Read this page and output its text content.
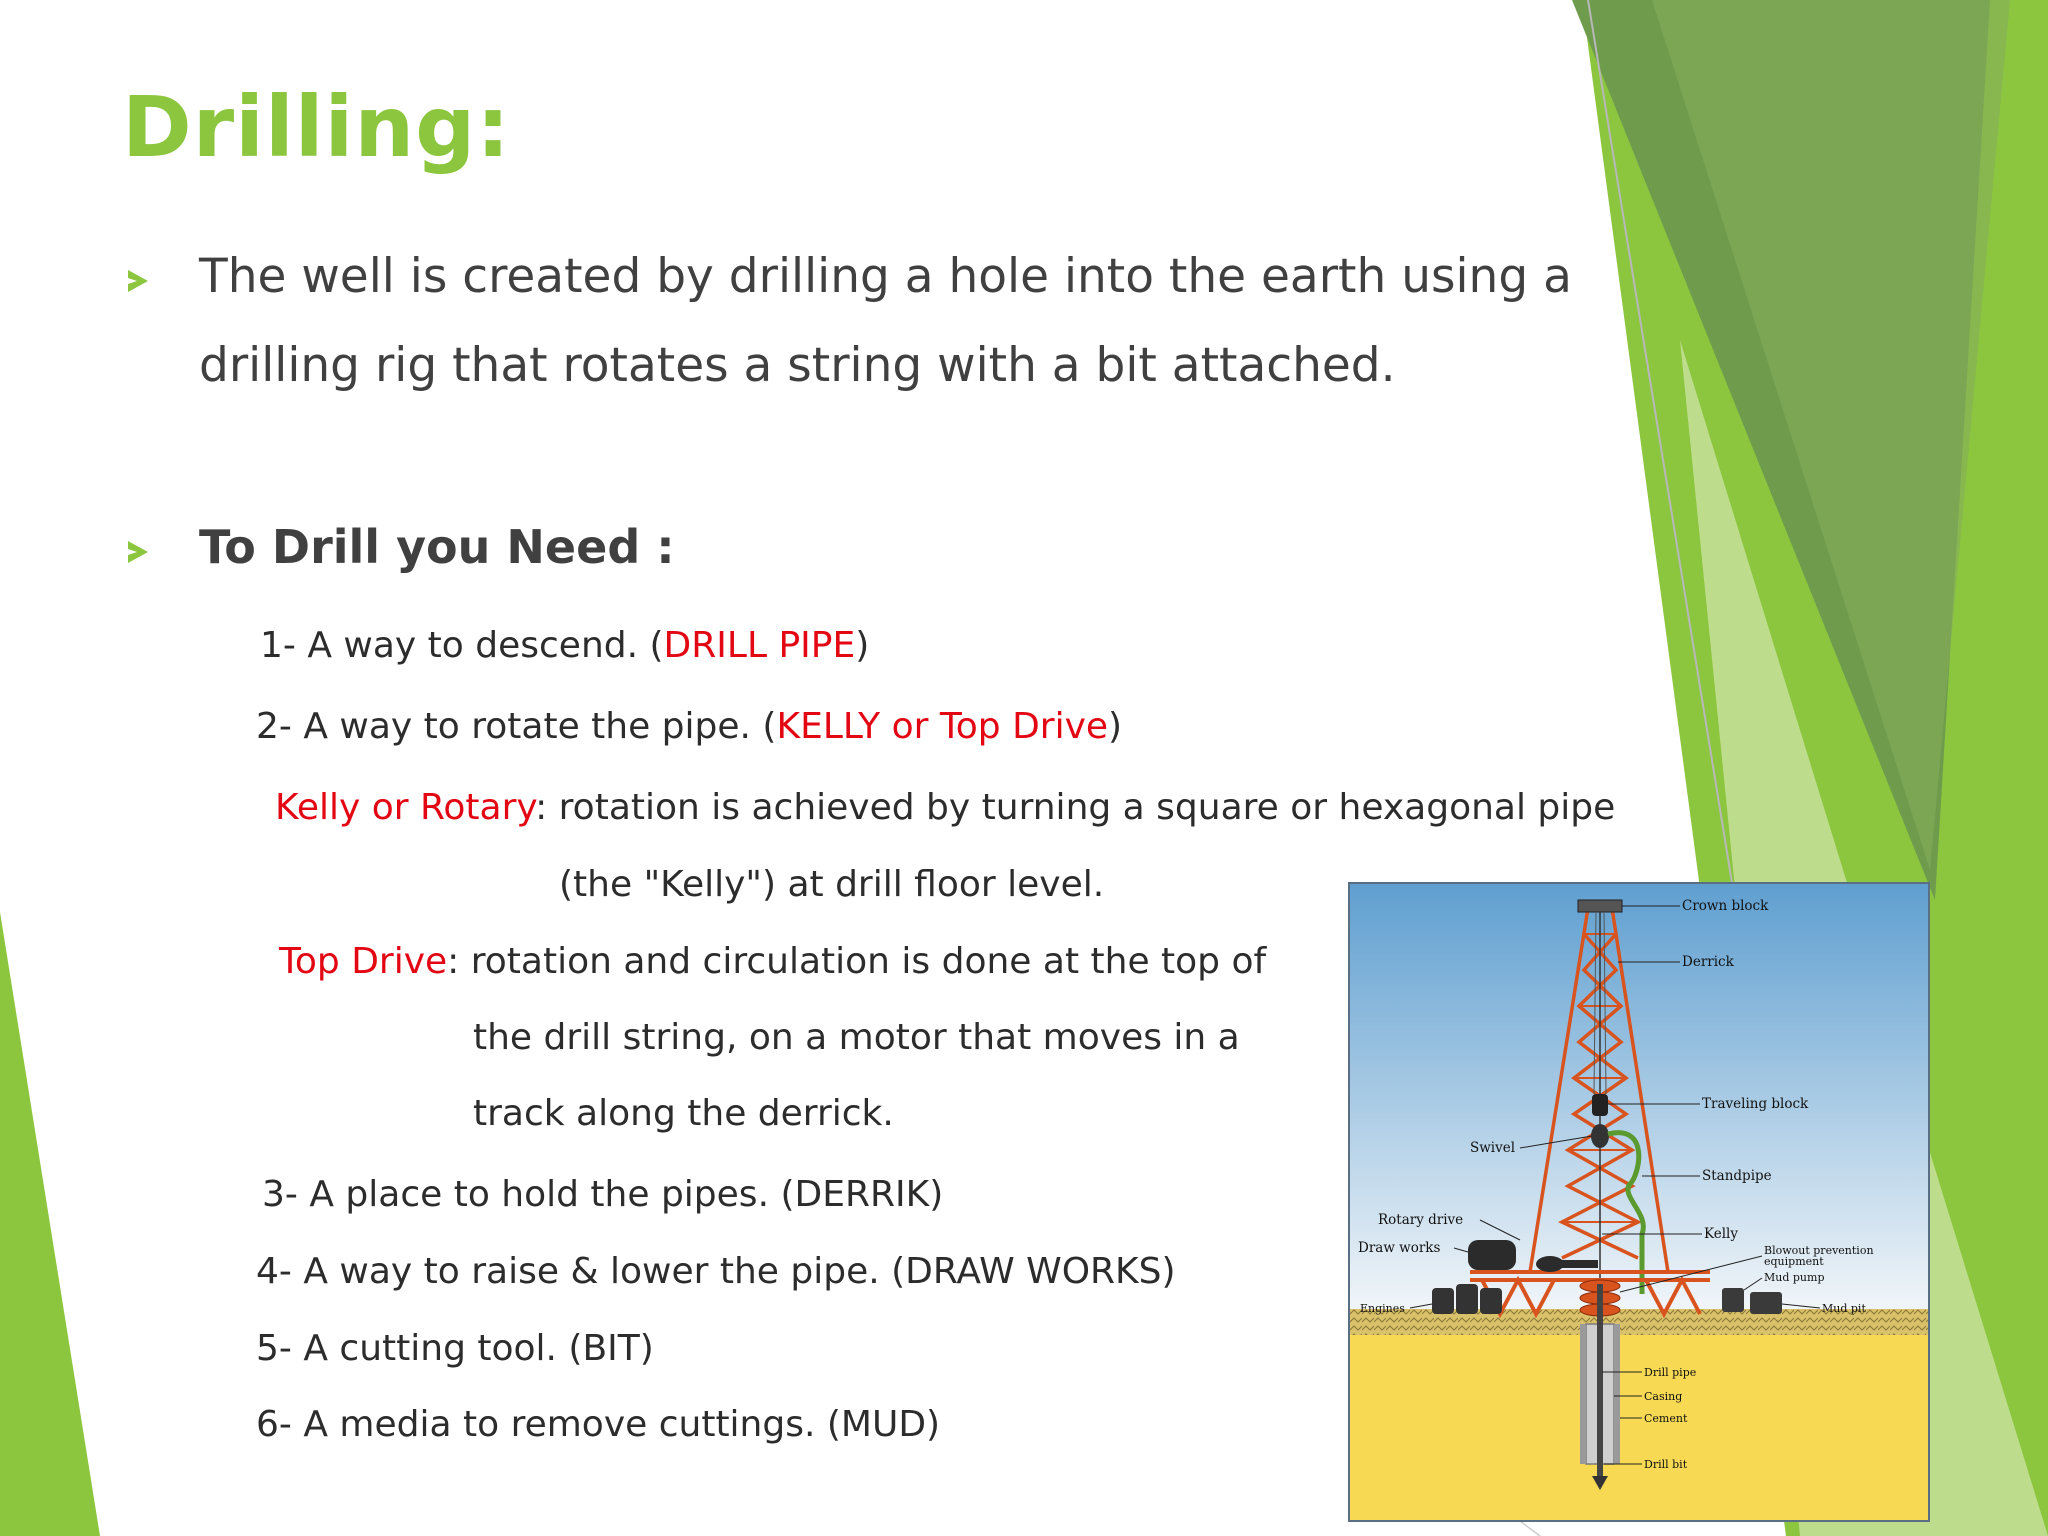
Drilling:

The well is created by drilling a hole into the earth using a

drilling rig that rotates a string with a bit attached.

To Drill you Need :

1- A way to descend. (DRILL PIPE)

2- A way to rotate the pipe. (KELLY or Top Drive)

Kelly or Rotary: rotation is achieved by turning a square or hexagonal pipe

(the "Kelly") at drill floor level.

Top Drive: rotation and circulation is done at the top of

the drill string, on a motor that moves in a

track along the derrick.

3- A place to hold the pipes. (DERRIK)

4- A way to raise & lower the pipe. (DRAW WORKS)

5- A cutting tool. (BIT)

6- A media to remove cuttings. (MUD)

Crown block
Derrick
Traveling block
Swivel
Standpipe
Rotary drive
Kelly
Draw works	Blowout prevention
equipment
Mud pump
Engines	Mud pit
Drill pipe
Casing
Cement
Drill bit
